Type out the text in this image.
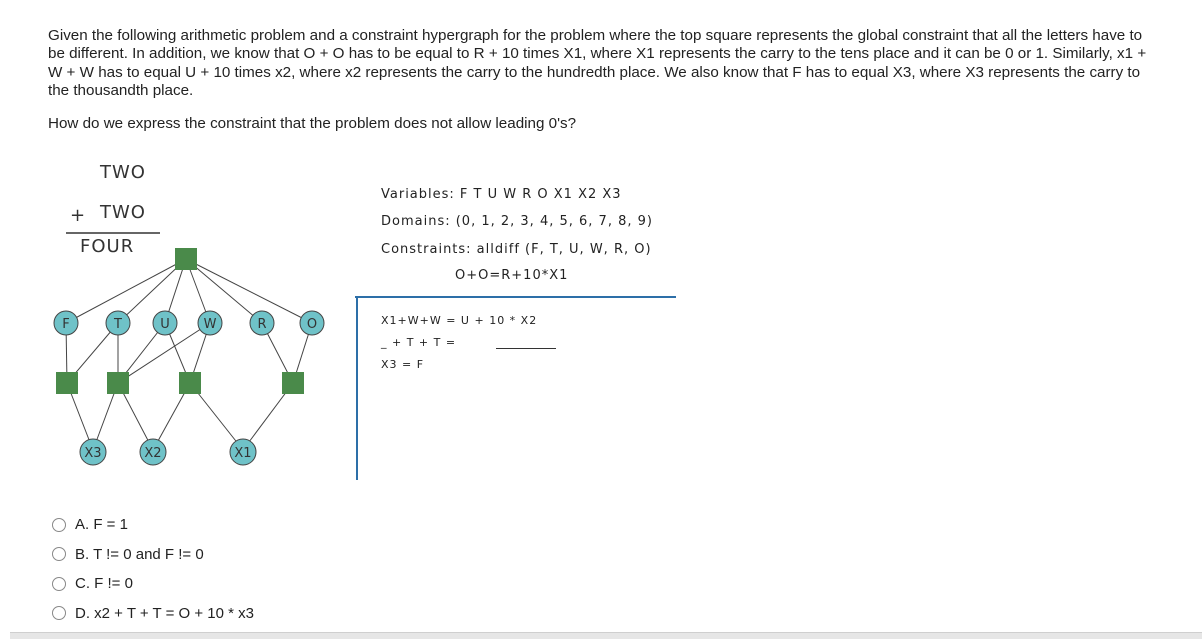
Given the following arithmetic problem and a constraint hypergraph for the problem where the top square represents the global constraint that all the letters have to be different. In addition, we know that O + O has to be equal to R + 10 times X1, where X1 represents the carry to the tens place and it can be 0 or 1. Similarly, x1 + W + W has to equal U + 10 times x2, where x2 represents the carry to the hundredth place. We also know that F has to equal X3, where X3 represents the carry to the thousandth place.

How do we express the constraint that the problem does not allow leading 0's?

TWO
+ TWO
FOUR
F	T	U	W	R	O
X3	X2	X1
Variables: F T U W R O X1 X2 X3
Domains: (0, 1, 2, 3, 4, 5, 6, 7, 8, 9)
Constraints: alldiff (F, T, U, W, R, O)
O+O=R+10*X1
X1+W+W = U + 10 * X2
_ + T + T =
X3 = F
A. F = 1
B. T != 0 and F != 0
C. F != 0
D. x2 + T + T = O + 10 * x3
